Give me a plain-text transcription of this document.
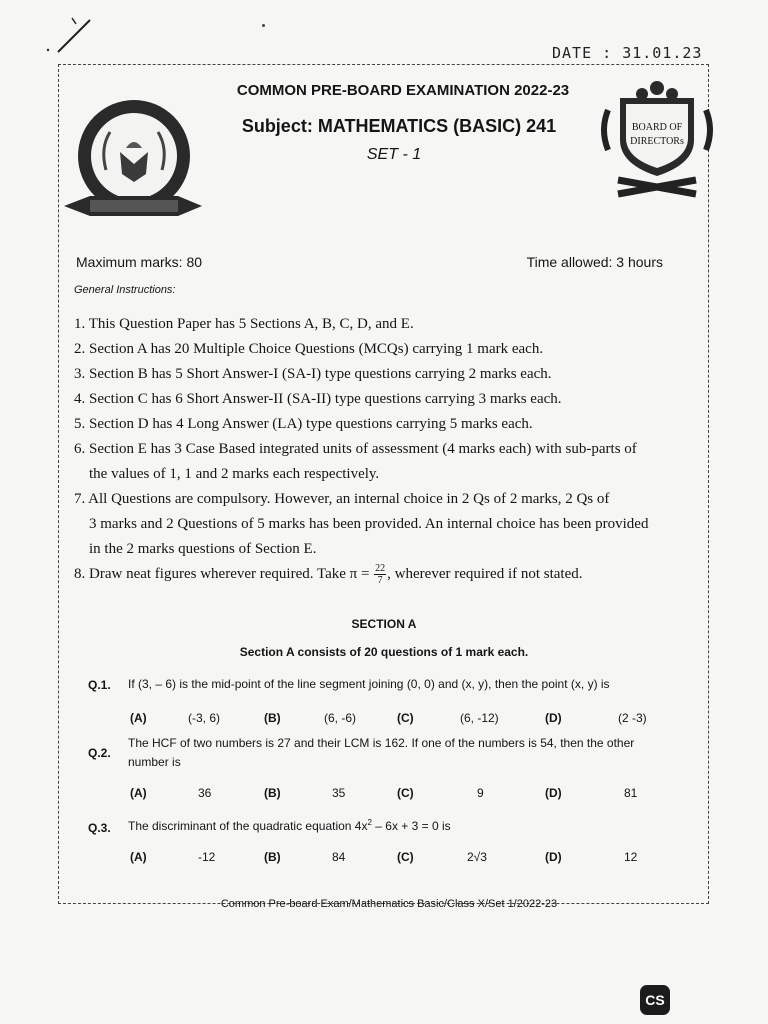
DATE : 31.01.23
BOARD OF
DIRECTORs
COMMON PRE-BOARD EXAMINATION 2022-23
Subject: MATHEMATICS (BASIC) 241
SET - 1
Maximum marks: 80	Time allowed: 3 hours
General Instructions:
1. This Question Paper has 5 Sections A, B, C, D, and E.
2. Section A has 20 Multiple Choice Questions (MCQs) carrying 1 mark each.
3. Section B has 5 Short Answer-I (SA-I) type questions carrying 2 marks each.
4. Section C has 6 Short Answer-II (SA-II) type questions carrying 3 marks each.
5. Section D has 4 Long Answer (LA) type questions carrying 5 marks each.
6. Section E has 3 Case Based integrated units of assessment (4 marks each) with sub-parts of
the values of 1, 1 and 2 marks each respectively.
7. All Questions are compulsory. However, an internal choice in 2 Qs of 2 marks, 2 Qs of
3 marks and 2 Questions of 5 marks has been provided. An internal choice has been provided
in the 2 marks questions of Section E.
8. Draw neat figures wherever required. Take $\pi = \frac{22}{7}$ , wherever required if not stated.
SECTION A
Section A consists of 20 questions of 1 mark each.
Q.1. If (3, – 6) is the mid-point of the line segment joining (0, 0) and (x, y), then the point (x, y) is
(A)	(-3, 6)	(B)	(6, -6)	(C)	(6, -12)	(D)	(2 -3)
Q.2.
The HCF of two numbers is 27 and their LCM is 162. If one of the numbers is 54, then the other
number is
(A)	36	(B)	35	(C)	9	(D)	81
Q.3. The discriminant of the quadratic equation $4x^2 - 6x + 3 = 0$ is
(A)	-12	(B)	84	(C)	2√3	(D)	12
Common Pre-board Exam/Mathematics Basic/Class X/Set 1/2022-23
CS
